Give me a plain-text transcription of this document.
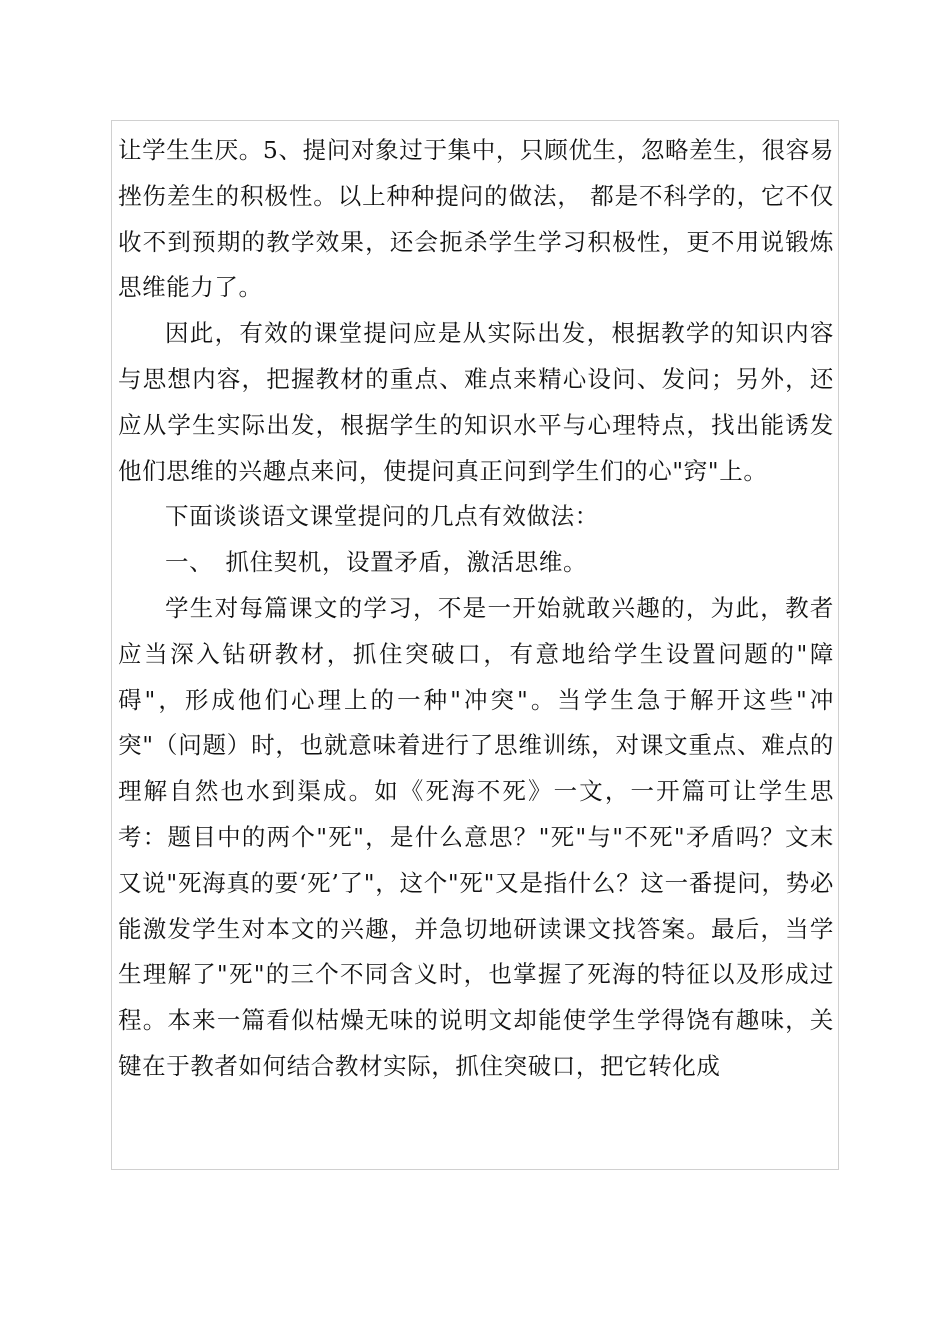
让学生生厌。5、提问对象过于集中，只顾优生，忽略差生，很容易挫伤差生的积极性。以上种种提问的做法， 都是不科学的，它不仅收不到预期的教学效果，还会扼杀学生学习积极性，更不用说锻炼思维能力了。

因此，有效的课堂提问应是从实际出发，根据教学的知识内容与思想内容，把握教材的重点、难点来精心设问、发问；另外，还应从学生实际出发，根据学生的知识水平与心理特点，找出能诱发他们思维的兴趣点来问，使提问真正问到学生们的心"窍"上。

下面谈谈语文课堂提问的几点有效做法：

一、　抓住契机，设置矛盾，激活思维。

学生对每篇课文的学习，不是一开始就敢兴趣的，为此，教者应当深入钻研教材，抓住突破口，有意地给学生设置问题的"障碍"，形成他们心理上的一种"冲突"。当学生急于解开这些"冲突"（问题）时，也就意味着进行了思维训练，对课文重点、难点的理解自然也水到渠成。如《死海不死》一文，一开篇可让学生思考：题目中的两个"死"，是什么意思？"死"与"不死"矛盾吗？文末又说"死海真的要‘死’了"，这个"死"又是指什么？这一番提问，势必能激发学生对本文的兴趣，并急切地研读课文找答案。最后，当学生理解了"死"的三个不同含义时，也掌握了死海的特征以及形成过程。本来一篇看似枯燥无味的说明文却能使学生学得饶有趣味，关键在于教者如何结合教材实际，抓住突破口，把它转化成
